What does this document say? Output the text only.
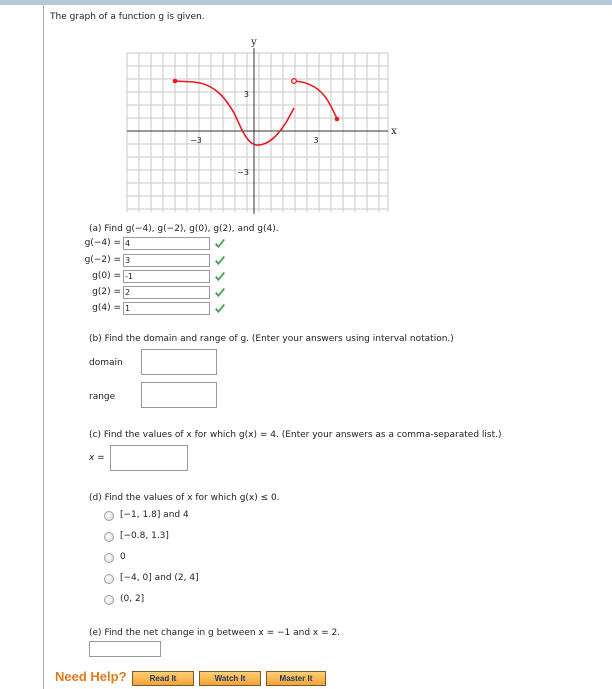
The graph of a function g is given.
y
x
−3	3
3
−3
(a) Find g(−4), g(−2), g(0), g(2), and g(4).
g(−4) = 4
g(−2) = 3
g(0) = -1
g(2) = 2
g(4) = 1
(b) Find the domain and range of g. (Enter your answers using interval notation.)
domain
range
(c) Find the values of x for which g(x) = 4. (Enter your answers as a comma-separated list.)
x =
(d) Find the values of x for which g(x) ≤ 0.
[−1, 1.8] and 4
[−0.8, 1.3]
0
[−4, 0] and (2, 4]
(0, 2]
(e) Find the net change in g between x = −1 and x = 2.
Need Help?	Read It	Watch It	Master It
